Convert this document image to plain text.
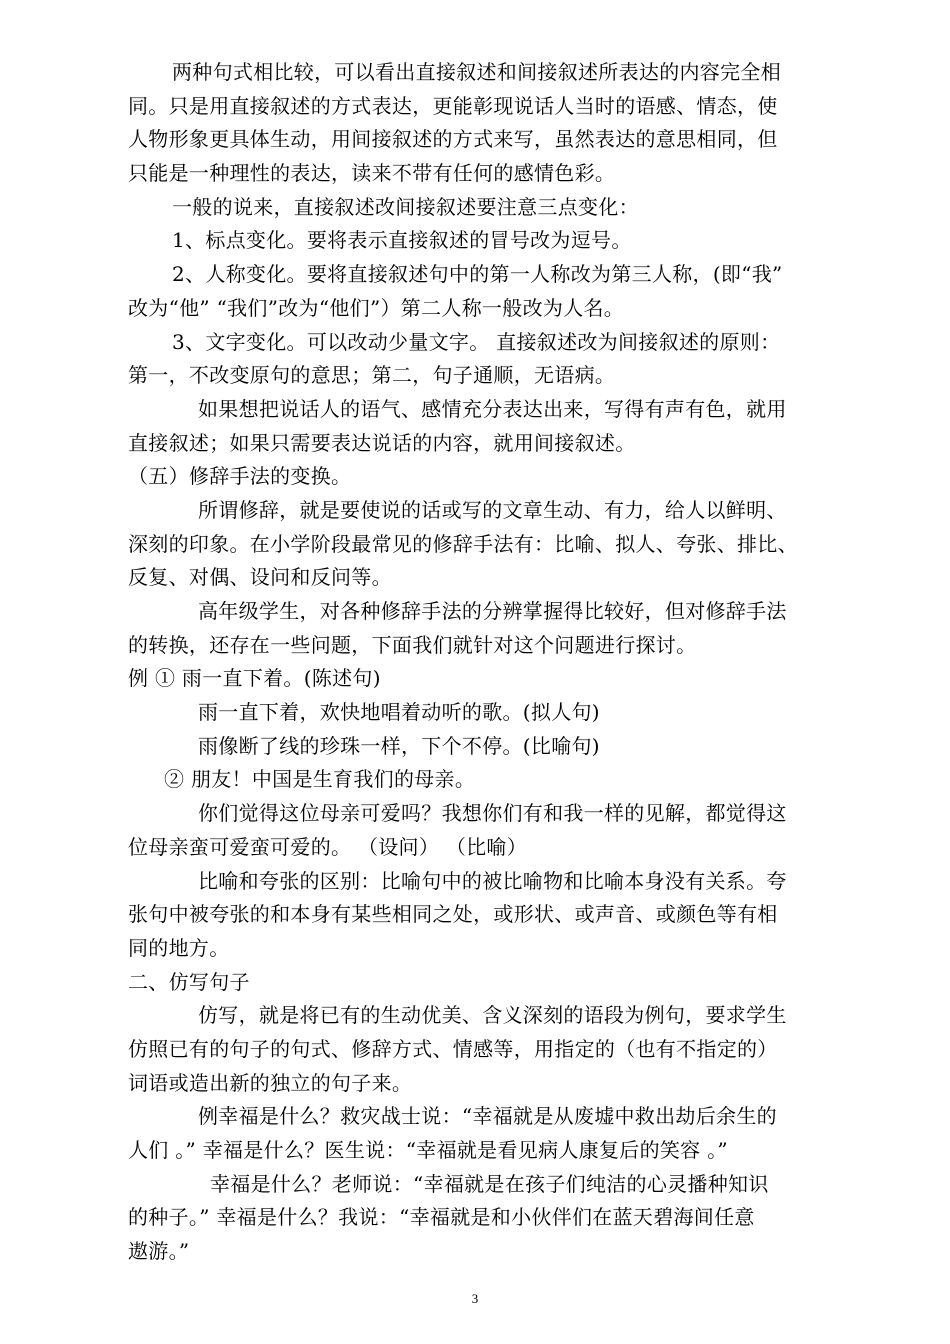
两种句式相比较，可以看出直接叙述和间接叙述所表达的内容完全相
同。只是用直接叙述的方式表达，更能彰现说话人当时的语感、情态，使
人物形象更具体生动，用间接叙述的方式来写，虽然表达的意思相同，但
只能是一种理性的表达，读来不带有任何的感情色彩。
一般的说来，直接叙述改间接叙述要注意三点变化：
1、标点变化。要将表示直接叙述的冒号改为逗号。
2、人称变化。要将直接叙述句中的第一人称改为第三人称，(即“我”
改为“他” “我们”改为“他们”）第二人称一般改为人名。
3、文字变化。可以改动少量文字。 直接叙述改为间接叙述的原则：
第一，不改变原句的意思；第二，句子通顺，无语病。
如果想把说话人的语气、感情充分表达出来，写得有声有色，就用
直接叙述；如果只需要表达说话的内容，就用间接叙述。
（五）修辞手法的变换。
所谓修辞，就是要使说的话或写的文章生动、有力，给人以鲜明、
深刻的印象。在小学阶段最常见的修辞手法有：比喻、拟人、夸张、排比、
反复、对偶、设问和反问等。
高年级学生，对各种修辞手法的分辨掌握得比较好，但对修辞手法
的转换，还存在一些问题，下面我们就针对这个问题进行探讨。
例 ① 雨一直下着。(陈述句)
雨一直下着，欢快地唱着动听的歌。(拟人句)
雨像断了线的珍珠一样，下个不停。(比喻句)
② 朋友！中国是生育我们的母亲。
你们觉得这位母亲可爱吗？我想你们有和我一样的见解，都觉得这
位母亲蛮可爱蛮可爱的。 （设问） （比喻）
比喻和夸张的区别：比喻句中的被比喻物和比喻本身没有关系。夸
张句中被夸张的和本身有某些相同之处，或形状、或声音、或颜色等有相
同的地方。
二、仿写句子
仿写，就是将已有的生动优美、含义深刻的语段为例句，要求学生
仿照已有的句子的句式、修辞方式、情感等，用指定的（也有不指定的）
词语或造出新的独立的句子来。
例幸福是什么？救灾战士说：“幸福就是从废墟中救出劫后余生的
人们 。” 幸福是什么？医生说：“幸福就是看见病人康复后的笑容 。”
幸福是什么？老师说：“幸福就是在孩子们纯洁的心灵播种知识
的种子。” 幸福是什么？我说：“幸福就是和小伙伴们在蓝天碧海间任意
遨游。”
3
